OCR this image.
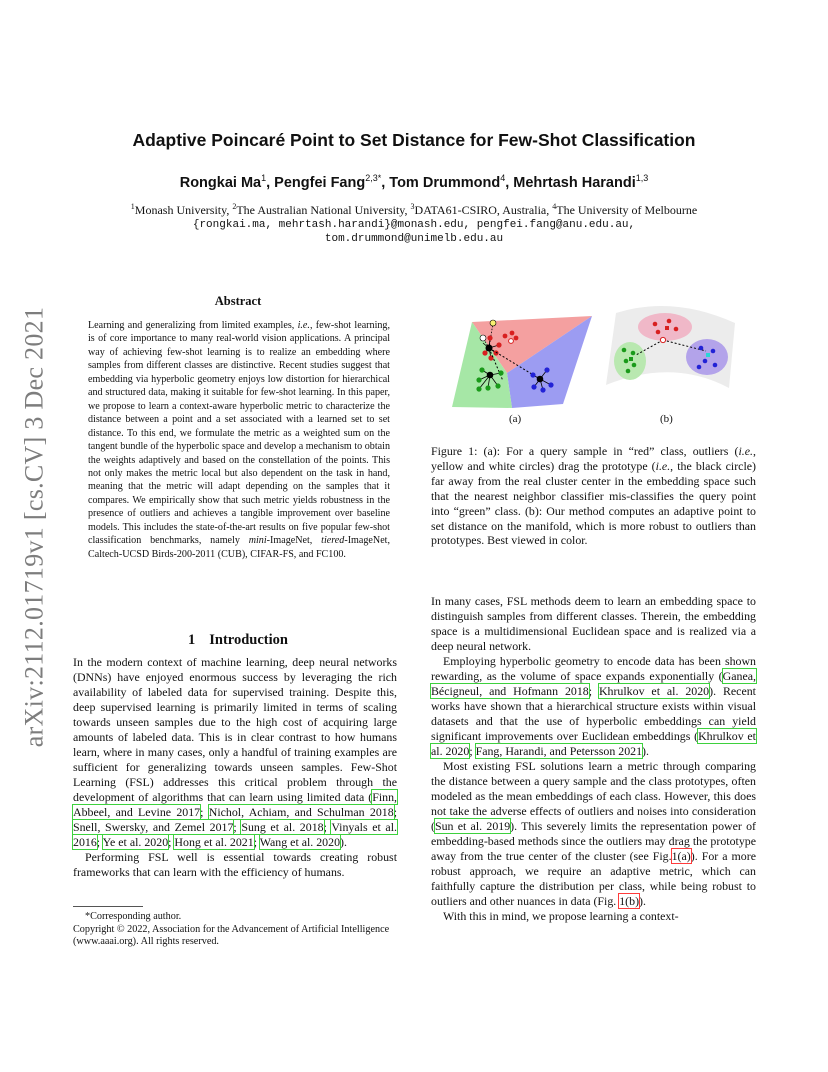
arXiv:2112.01719v1 [cs.CV] 3 Dec 2021
Adaptive Poincaré Point to Set Distance for Few-Shot Classification
Rongkai Ma$^1$, Pengfei Fang$^{2,3*}$, Tom Drummond$^4$, Mehrtash Harandi$^{1,3}$
$^1$Monash University, $^2$The Australian National University, $^3$DATA61-CSIRO, Australia, $^4$The University of Melbourne
{rongkai.ma, mehrtash.harandi}@monash.edu, pengfei.fang@anu.edu.au,
tom.drummond@unimelb.edu.au
Abstract
Learning and generalizing from limited examples, i.e., few-shot learning, is of core importance to many real-world vision applications. A principal way of achieving few-shot learning is to realize an embedding where samples from different classes are distinctive. Recent studies suggest that embedding via hyperbolic geometry enjoys low distortion for hierarchical and structured data, making it suitable for few-shot learning. In this paper, we propose to learn a context-aware hyperbolic metric to characterize the distance between a point and a set associated with a learned set to set distance. To this end, we formulate the metric as a weighted sum on the tangent bundle of the hyperbolic space and develop a mechanism to obtain the weights adaptively and based on the constellation of the points. This not only makes the metric local but also dependent on the task in hand, meaning that the metric will adapt depending on the samples that it compares. We empirically show that such metric yields robustness in the presence of outliers and achieves a tangible improvement over baseline models. This includes the state-of-the-art results on five popular few-shot classification benchmarks, namely mini-ImageNet, tiered-ImageNet, Caltech-UCSD Birds-200-2011 (CUB), CIFAR-FS, and FC100.
1 Introduction

In the modern context of machine learning, deep neural networks (DNNs) have enjoyed enormous success by leveraging the rich availability of labeled data for supervised training. Despite this, deep supervised learning is primarily limited in terms of scaling towards unseen samples due to the high cost of acquiring large amounts of labeled data. This is in clear contrast to how humans learn, where in many cases, only a handful of training examples are sufficient for generalizing towards unseen samples. Few-Shot Learning (FSL) addresses this critical problem through the development of algorithms that can learn using limited data (Finn, Abbeel, and Levine 2017; Nichol, Achiam, and Schulman 2018; Snell, Swersky, and Zemel 2017; Sung et al. 2018; Vinyals et al. 2016; Ye et al. 2020; Hong et al. 2021; Wang et al. 2020).

Performing FSL well is essential towards creating robust frameworks that can learn with the efficiency of humans.

*Corresponding author.
Copyright © 2022, Association for the Advancement of Artificial Intelligence (www.aaai.org). All rights reserved.
(a)	(b)
Figure 1: (a): For a query sample in “red” class, outliers (i.e., yellow and white circles) drag the prototype (i.e., the black circle) far away from the real cluster center in the embedding space such that the nearest neighbor classifier mis-classifies the query point into “green” class. (b): Our method computes an adaptive point to set distance on the manifold, which is more robust to outliers than prototypes. Best viewed in color.

In many cases, FSL methods deem to learn an embedding space to distinguish samples from different classes. Therein, the embedding space is a multidimensional Euclidean space and is realized via a deep neural network.

Employing hyperbolic geometry to encode data has been shown rewarding, as the volume of space expands exponentially (Ganea, Bécigneul, and Hofmann 2018; Khrulkov et al. 2020). Recent works have shown that a hierarchical structure exists within visual datasets and that the use of hyperbolic embeddings can yield significant improvements over Euclidean embeddings (Khrulkov et al. 2020; Fang, Harandi, and Petersson 2021).

Most existing FSL solutions learn a metric through comparing the distance between a query sample and the class prototypes, often modeled as the mean embeddings of each class. However, this does not take the adverse effects of outliers and noises into consideration (Sun et al. 2019). This severely limits the representation power of embedding-based methods since the outliers may drag the prototype away from the true center of the cluster (see Fig.1(a)). For a more robust approach, we require an adaptive metric, which can faithfully capture the distribution per class, while being robust to outliers and other nuances in data (Fig. 1(b)).

With this in mind, we propose learning a context-
